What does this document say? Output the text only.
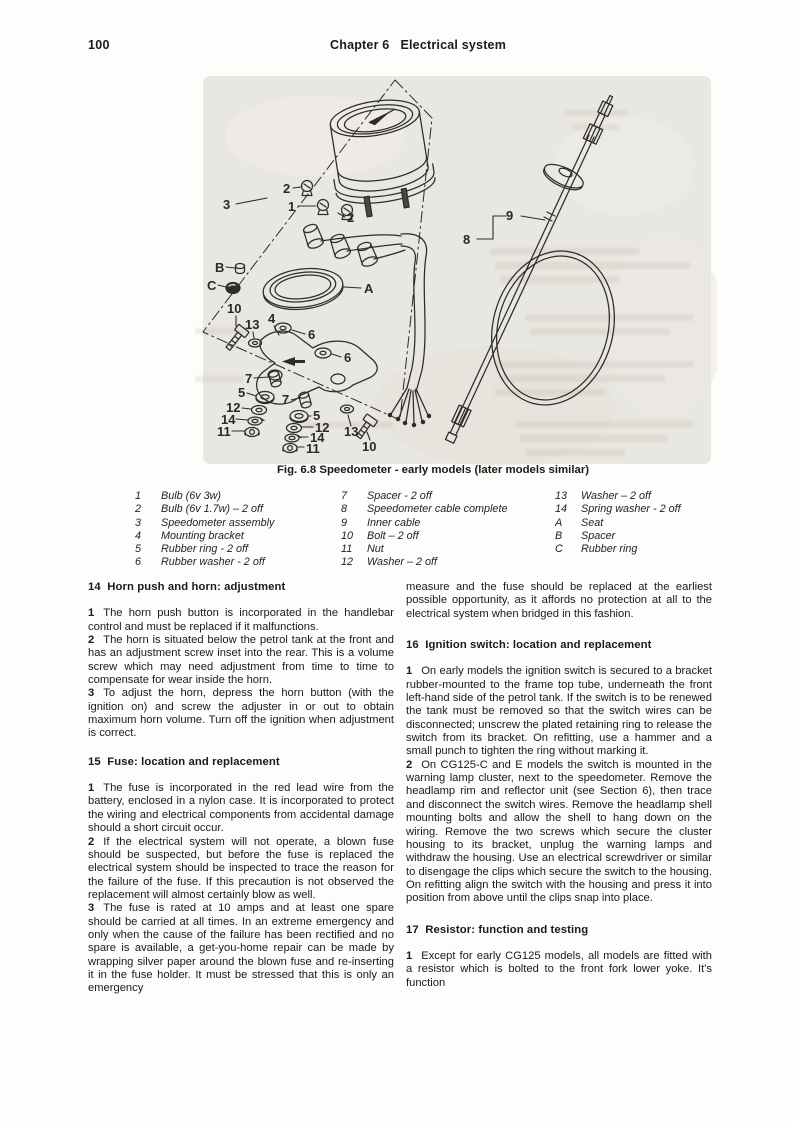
100	Chapter 6   Electrical system
3
2
1
2
B
C	A
10
13 4
6
6
7
5
12
14
11
7
5
12
14
11
13
10
9
8
Fig. 6.8 Speedometer - early models (later models similar)
1	Bulb (6v 3w)
2	Bulb (6v 1.7w) – 2 off
3	Speedometer assembly
4	Mounting bracket
5	Rubber ring - 2 off
6	Rubber washer - 2 off
7	Spacer - 2 off
8	Speedometer cable complete
9	Inner cable
10	Bolt – 2 off
11	Nut
12	Washer – 2 off
13	Washer – 2 off
14	Spring washer - 2 off
A	Seat
B	Spacer
C	Rubber ring
14  Horn push and horn: adjustment

1 The horn push button is incorporated in the handlebar control and must be replaced if it malfunctions.

2 The horn is situated below the petrol tank at the front and has an adjustment screw inset into the rear. This is a volume screw which may need adjustment from time to time to compensate for wear inside the horn.

3 To adjust the horn, depress the horn button (with the ignition on) and screw the adjuster in or out to obtain maximum horn volume. Turn off the ignition when adjustment is correct.

15  Fuse: location and replacement

1 The fuse is incorporated in the red lead wire from the battery, enclosed in a nylon case. It is incorporated to protect the wiring and electrical components from accidental damage should a short circuit occur.

2 If the electrical system will not operate, a blown fuse should be suspected, but before the fuse is replaced the electrical system should be inspected to trace the reason for the failure of the fuse. If this precaution is not observed the replacement will almost certainly blow as well.

3 The fuse is rated at 10 amps and at least one spare should be carried at all times. In an extreme emergency and only when the cause of the failure has been rectified and no spare is available, a get-you-home repair can be made by wrapping silver paper around the blown fuse and re-inserting it in the fuse holder. It must be stressed that this is only an emergency

measure and the fuse should be replaced at the earliest possible opportunity, as it affords no protection at all to the electrical system when bridged in this fashion.

16  Ignition switch: location and replacement

1 On early models the ignition switch is secured to a bracket rubber-mounted to the frame top tube, underneath the front left-hand side of the petrol tank. If the switch is to be renewed the tank must be removed so that the switch wires can be disconnected; unscrew the plated retaining ring to release the switch from its bracket. On refitting, use a hammer and a small punch to tighten the ring without marking it.

2 On CG125-C and E models the switch is mounted in the warning lamp cluster, next to the speedometer. Remove the headlamp rim and reflector unit (see Section 6), then trace and disconnect the switch wires. Remove the headlamp shell mounting bolts and allow the shell to hang down on the wiring. Remove the two screws which secure the cluster housing to its bracket, unplug the warning lamps and withdraw the housing. Use an electrical screwdriver or similar to disengage the clips which secure the switch to the housing. On refitting align the switch with the housing and press it into position from above until the clips snap into place.

17  Resistor: function and testing

1 Except for early CG125 models, all models are fitted with a resistor which is bolted to the front fork lower yoke. It's function
